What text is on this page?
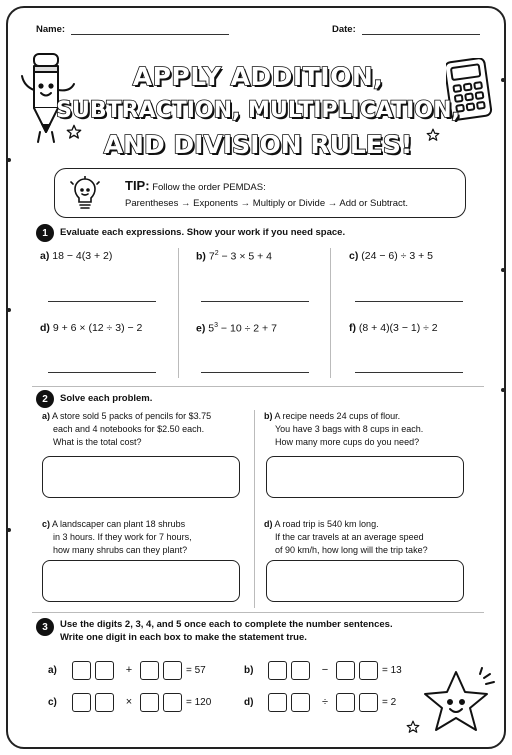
Name:	Date:
APPLY ADDITION,
SUBTRACTION, MULTIPLICATION,
AND DIVISION RULES!
TIP: Follow the order PEMDAS:
Parentheses → Exponents → Multiply or Divide → Add or Subtract.
1	Evaluate each expressions. Show your work if you need space.
a) 18 − 4(3 + 2)	b) $7^2 - 3 \times 5 + 4$	c) (24 − 6) ÷ 3 + 5
d) 9 + 6 × (12 ÷ 3) − 2	e) $5^3 - 10 \div 2 + 7$	f) (8 + 4)(3 − 1) ÷ 2
2	Solve each problem.
a) A store sold 5 packs of pencils for $3.75
each and 4 notebooks for $2.50 each.
What is the total cost?
b) A recipe needs 24 cups of flour.
You have 3 bags with 8 cups in each.
How many more cups do you need?
c) A landscaper can plant 18 shrubs
in 3 hours. If they work for 7 hours,
how many shrubs can they plant?
d) A road trip is 540 km long.
If the car travels at an average speed
of 90 km/h, how long will the trip take?
3	Use the digits 2, 3, 4, and 5 once each to complete the number sentences.
Write one digit in each box to make the statement true.
a)	+	= 57	b)	−	= 13
c)	×	= 120	d)	÷	= 2
